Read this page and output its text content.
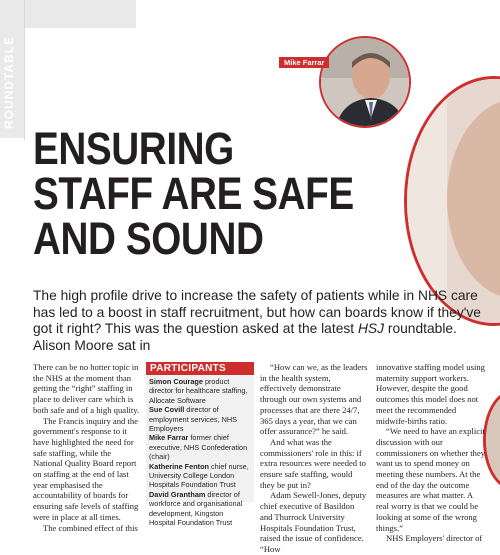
ROUNDTABLE	Mike Farrar
ENSURING
STAFF ARE SAFE
AND SOUND

The high profile drive to increase the safety of patients while in NHS care has led to a boost in staff recruitment, but how can boards know if they've got it right? This was the question asked at the latest HSJ roundtable. Alison Moore sat in

There can be no hotter topic in the NHS at the moment than getting the “right” staffing in place to deliver care which is both safe and of a high quality.

The Francis inquiry and the government's response to it have highlighted the need for safe staffing, while the National Quality Board report on staffing at the end of last year emphasised the accountability of boards for ensuring safe levels of staffing were in place at all times.

The combined effect of this

PARTICIPANTS
Simon Courage product director for healthcare staffing, Allocate Software
Sue Covill director of employment services, NHS Employers
Mike Farrar former chief executive, NHS Confederation (chair)
Katherine Fenton chief nurse, University College London Hospitals Foundation Trust
David Grantham director of workforce and organisational development, Kingston Hospital Foundation Trust

“How can we, as the leaders in the health system, effectively demonstrate through our own systems and processes that are there 24/7, 365 days a year, that we can offer assurance?” he said.

And what was the commissioners' role in this: if extra resources were needed to ensure safe staffing, would they be put in?

Adam Sewell-Jones, deputy chief executive of Basildon and Thurrock University Hospitals Foundation Trust, raised the issue of confidence. “How

innovative staffing model using maternity support workers. However, despite the good outcomes this model does not meet the recommended midwife-births ratio.

“We need to have an explicit discussion with our commissioners on whether they want us to spend money on meeting these numbers. At the end of the day the outcome measures are what matter. A real worry is that we could be looking at some of the wrong things.”

NHS Employers' director of
